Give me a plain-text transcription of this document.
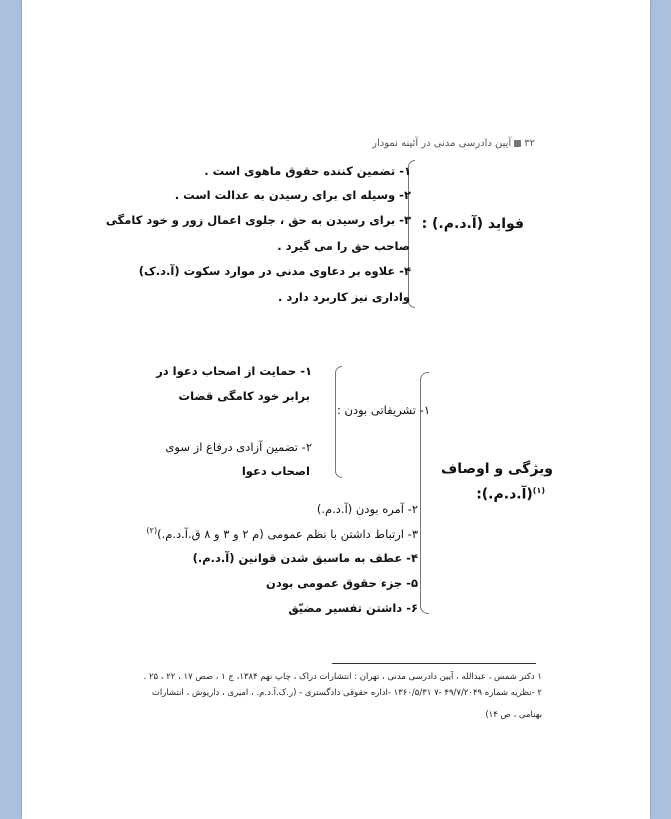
۳۲آیین دادرسی مدنی در آئینه نمودار
فواید (آ.د.م.) :
۱- تضمین کننده حقوق ماهوی است .
۲- وسیله ای برای رسیدن به عدالت است .
۳- برای رسیدن به حق ، جلوی اعمال زور و خود کامگی
صاحب حق را می گیرد .
۴- علاوه بر دعاوی مدنی در موارد سکوت (آ.د.ک)
واداری نیز کاربرد دارد .
ویژگی و اوصاف
$^{(۱)}$(آ.د.م.):
۱- تشریفاتی بودن :
۱- حمایت از اصحاب دعوا در
برابر خود کامگی قضات
۲- تضمین آزادی درفاع از سوی
اصحاب دعوا
۲- آمره بودن (آ.د.م.)
۳- ارتباط داشتن با نظم عمومی (م ۲ و ۳ و ۸ ق.آ.د.م.)$^{(۲)}$
۴- عطف به ماسبق شدن قوانین (آ.د.م.)
۵- جزء حقوق عمومی بودن
۶- داشتن تفسیر مضیّق
۱ دکتر شمس ، عبدالله ، آیین دادرسی مدنی ، تهران : انتشارات دراک ، چاپ نهم ۱۳۸۴، ج ۱ ، صص ۱۷ ، ۲۲ ، ۲۵ .
۲ -نظریه شماره ۴۹/۷/۲۰۴۹ -۷ ۱۳۶۰/۵/۳۱ -اداره حقوقی دادگستری - (ر.ک.آ.د.م. ، امیری ، داریوش ، انتشارات
بهنامی ، ص ۱۴)
